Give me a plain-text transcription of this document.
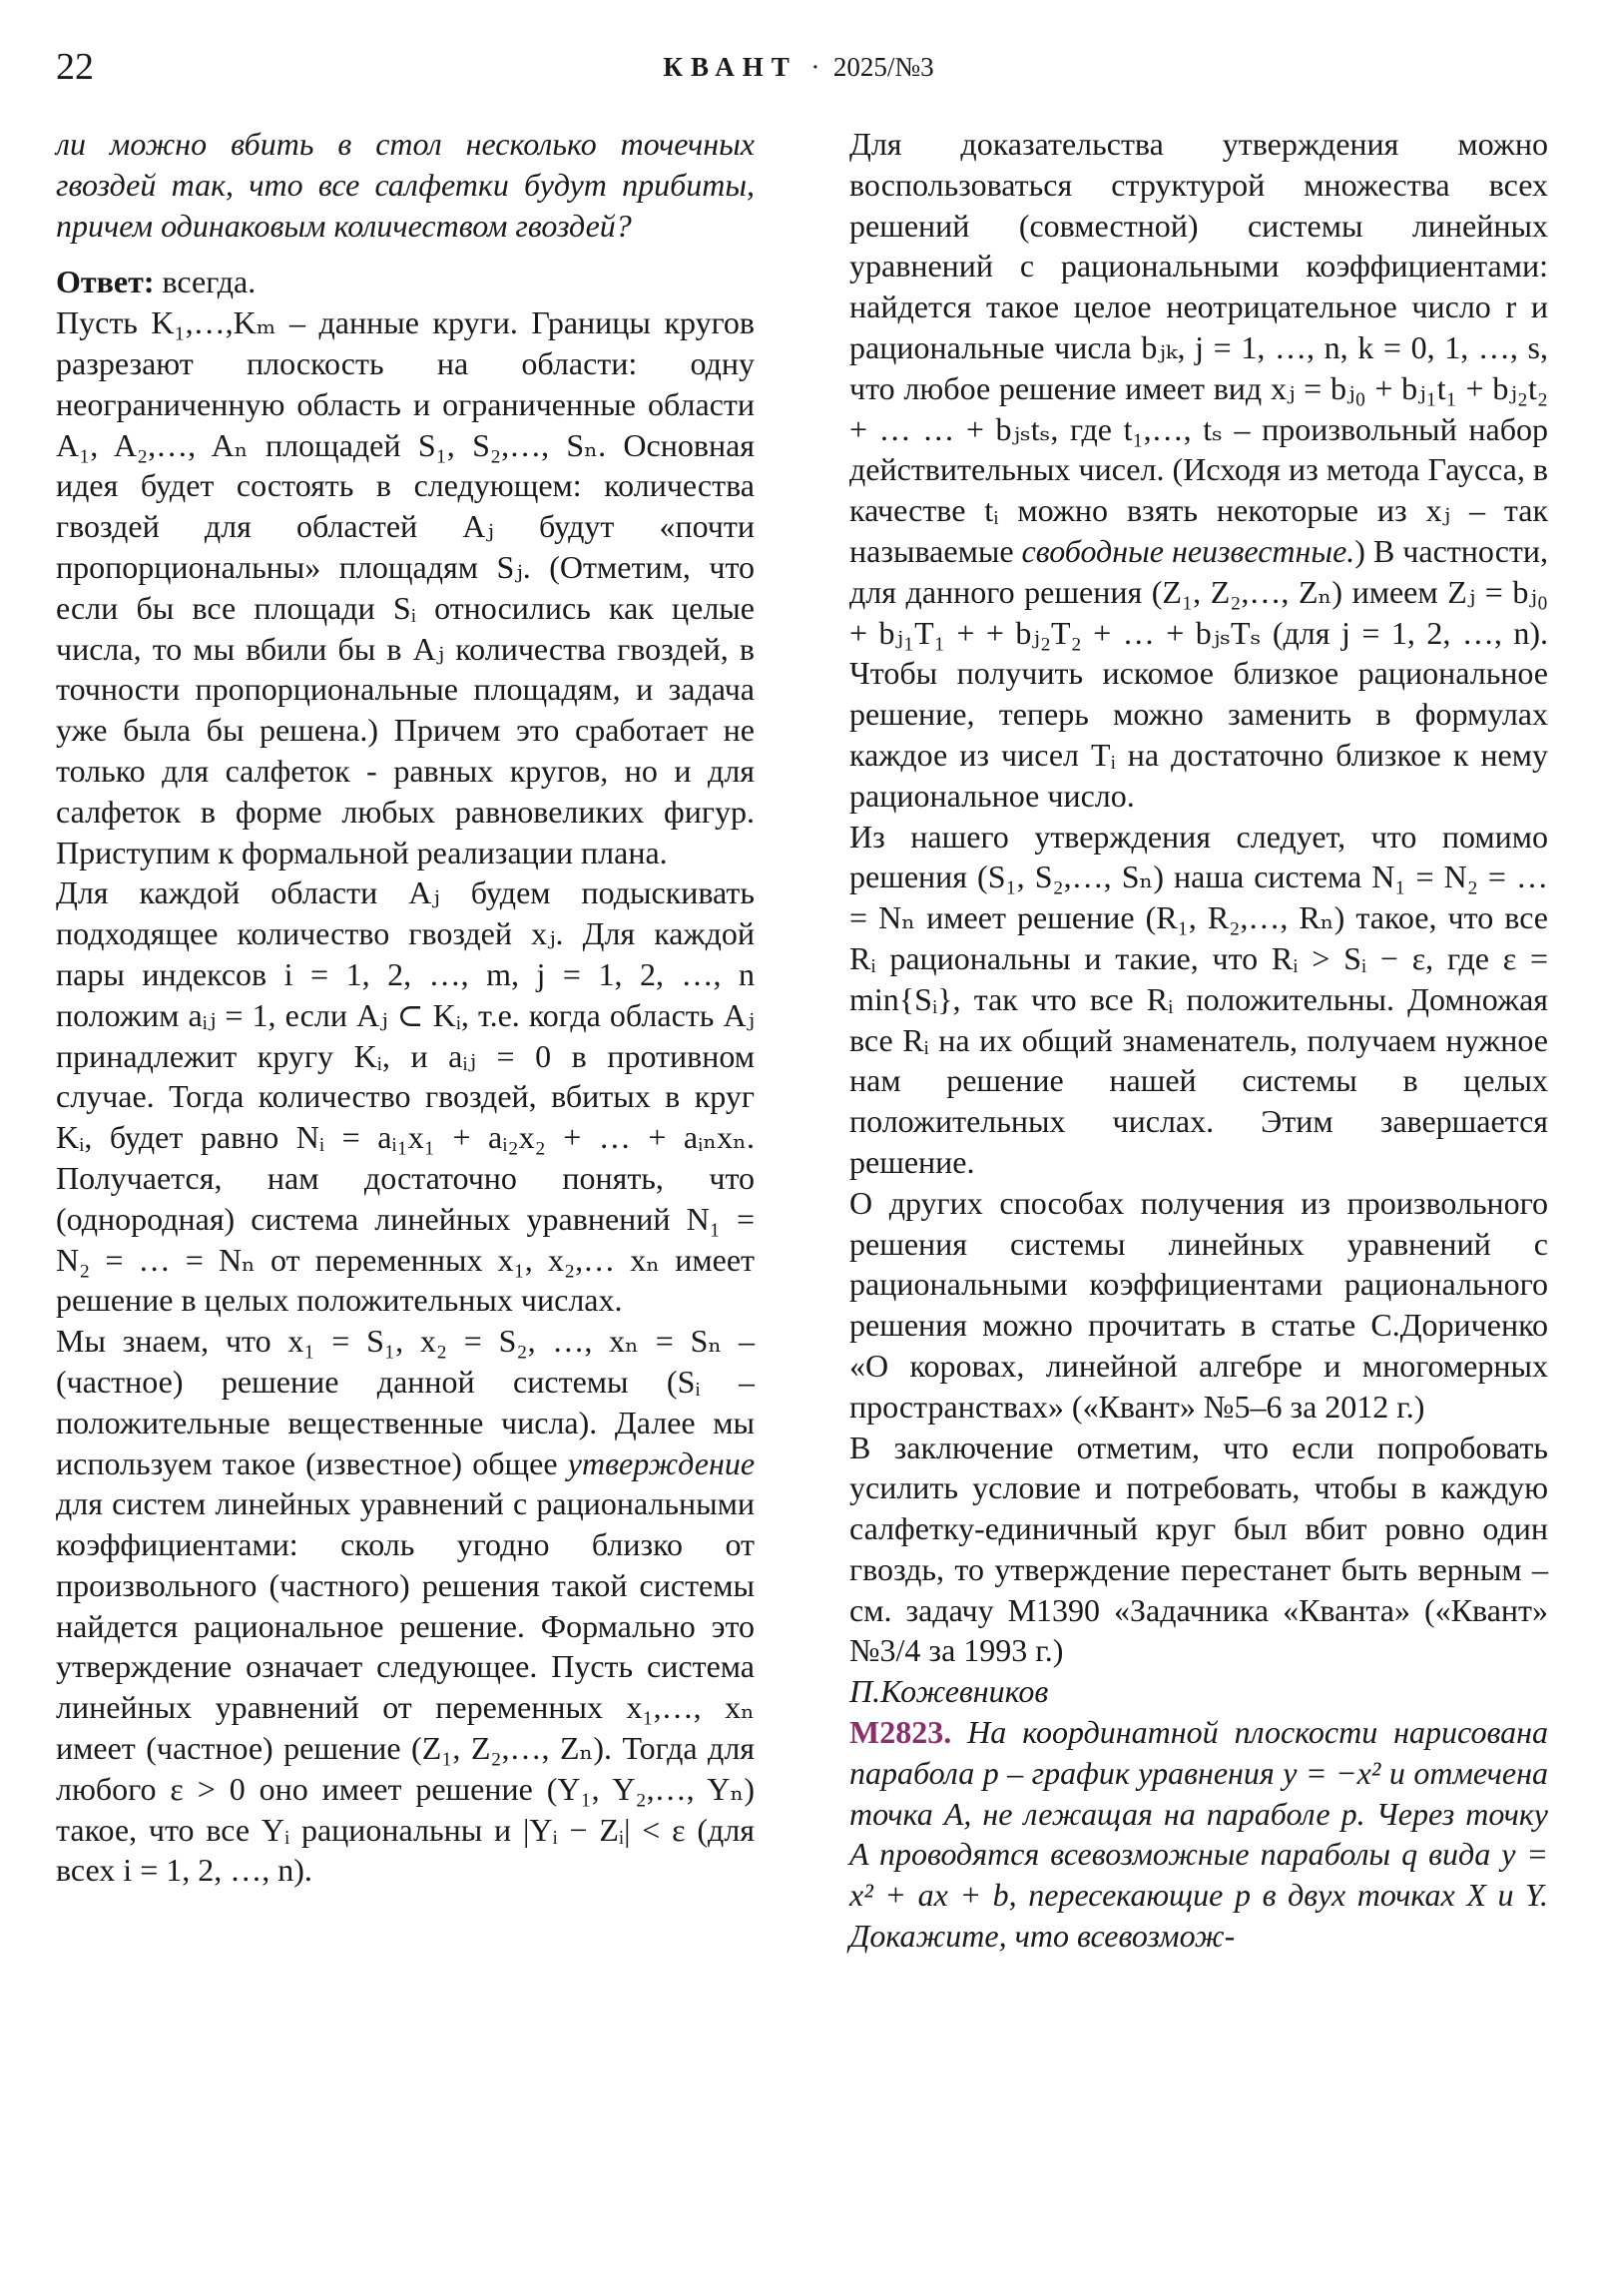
22	КВАНТ · 2025/№3

ли можно вбить в стол несколько точечных гвоздей так, что все салфетки будут прибиты, причем одинаковым количеством гвоздей?

Ответ: всегда.

Пусть K₁,…,Kₘ – данные круги. Границы кругов разрезают плоскость на области: одну неограниченную область и ограниченные области A₁, A₂,…, Aₙ площадей S₁, S₂,…, Sₙ. Основная идея будет состоять в следующем: количества гвоздей для областей Aⱼ будут «почти пропорциональны» площадям Sⱼ. (Отметим, что если бы все площади Sᵢ относились как целые числа, то мы вбили бы в Aⱼ количества гвоздей, в точности пропорциональные площадям, и задача уже была бы решена.) Причем это сработает не только для салфеток - равных кругов, но и для салфеток в форме любых равновеликих фигур. Приступим к формальной реализации плана.

Для каждой области Aⱼ будем подыскивать подходящее количество гвоздей xⱼ. Для каждой пары индексов i = 1, 2, …, m, j = 1, 2, …, n положим aᵢⱼ = 1, если Aⱼ ⊂ Kᵢ, т.е. когда область Aⱼ принадлежит кругу Kᵢ, и aᵢⱼ = 0 в противном случае. Тогда количество гвоздей, вбитых в круг Kᵢ, будет равно Nᵢ = aᵢ₁x₁ + aᵢ₂x₂ + … + aᵢₙxₙ. Получается, нам достаточно понять, что (однородная) система линейных уравнений N₁ = N₂ = … = Nₙ от переменных x₁, x₂,… xₙ имеет решение в целых положительных числах.

Мы знаем, что x₁ = S₁, x₂ = S₂, …, xₙ = Sₙ – (частное) решение данной системы (Sᵢ – положительные вещественные числа). Далее мы используем такое (известное) общее утверждение для систем линейных уравнений с рациональными коэффициентами: сколь угодно близко от произвольного (частного) решения такой системы найдется рациональное решение. Формально это утверждение означает следующее. Пусть система линейных уравнений от переменных x₁,…, xₙ имеет (частное) решение (Z₁, Z₂,…, Zₙ). Тогда для любого ε > 0 оно имеет решение (Y₁, Y₂,…, Yₙ) такое, что все Yᵢ рациональны и |Yᵢ − Zᵢ| < ε (для всех i = 1, 2, …, n).

Для доказательства утверждения можно воспользоваться структурой множества всех решений (совместной) системы линейных уравнений с рациональными коэффициентами: найдется такое целое неотрицательное число r и рациональные числа bⱼₖ, j = 1, …, n, k = 0, 1, …, s, что любое решение имеет вид xⱼ = bⱼ₀ + bⱼ₁t₁ + bⱼ₂t₂ + … … + bⱼₛtₛ, где t₁,…, tₛ – произвольный набор действительных чисел. (Исходя из метода Гаусса, в качестве tᵢ можно взять некоторые из xⱼ – так называемые свободные неизвестные.) В частности, для данного решения (Z₁, Z₂,…, Zₙ) имеем Zⱼ = bⱼ₀ + bⱼ₁T₁ + + bⱼ₂T₂ + … + bⱼₛTₛ (для j = 1, 2, …, n). Чтобы получить искомое близкое рациональное решение, теперь можно заменить в формулах каждое из чисел Tᵢ на достаточно близкое к нему рациональное число.

Из нашего утверждения следует, что помимо решения (S₁, S₂,…, Sₙ) наша система N₁ = N₂ = … = Nₙ имеет решение (R₁, R₂,…, Rₙ) такое, что все Rᵢ рациональны и такие, что Rᵢ > Sᵢ − ε, где ε = min{Sᵢ}, так что все Rᵢ положительны. Домножая все Rᵢ на их общий знаменатель, получаем нужное нам решение нашей системы в целых положительных числах. Этим завершается решение.

О других способах получения из произвольного решения системы линейных уравнений с рациональными коэффициентами рационального решения можно прочитать в статье С.Дориченко «О коровах, линейной алгебре и многомерных пространствах» («Квант» №5–6 за 2012 г.)

В заключение отметим, что если попробовать усилить условие и потребовать, чтобы в каждую салфетку-единичный круг был вбит ровно один гвоздь, то утверждение перестанет быть верным – см. задачу М1390 «Задачника «Кванта» («Квант» №3/4 за 1993 г.)

П.Кожевников

М2823. На координатной плоскости нарисована парабола p – график уравнения y = −x² и отмечена точка A, не лежащая на параболе p. Через точку A проводятся всевозможные параболы q вида y = x² + ax + b, пересекающие p в двух точках X и Y. Докажите, что всевозмож-
